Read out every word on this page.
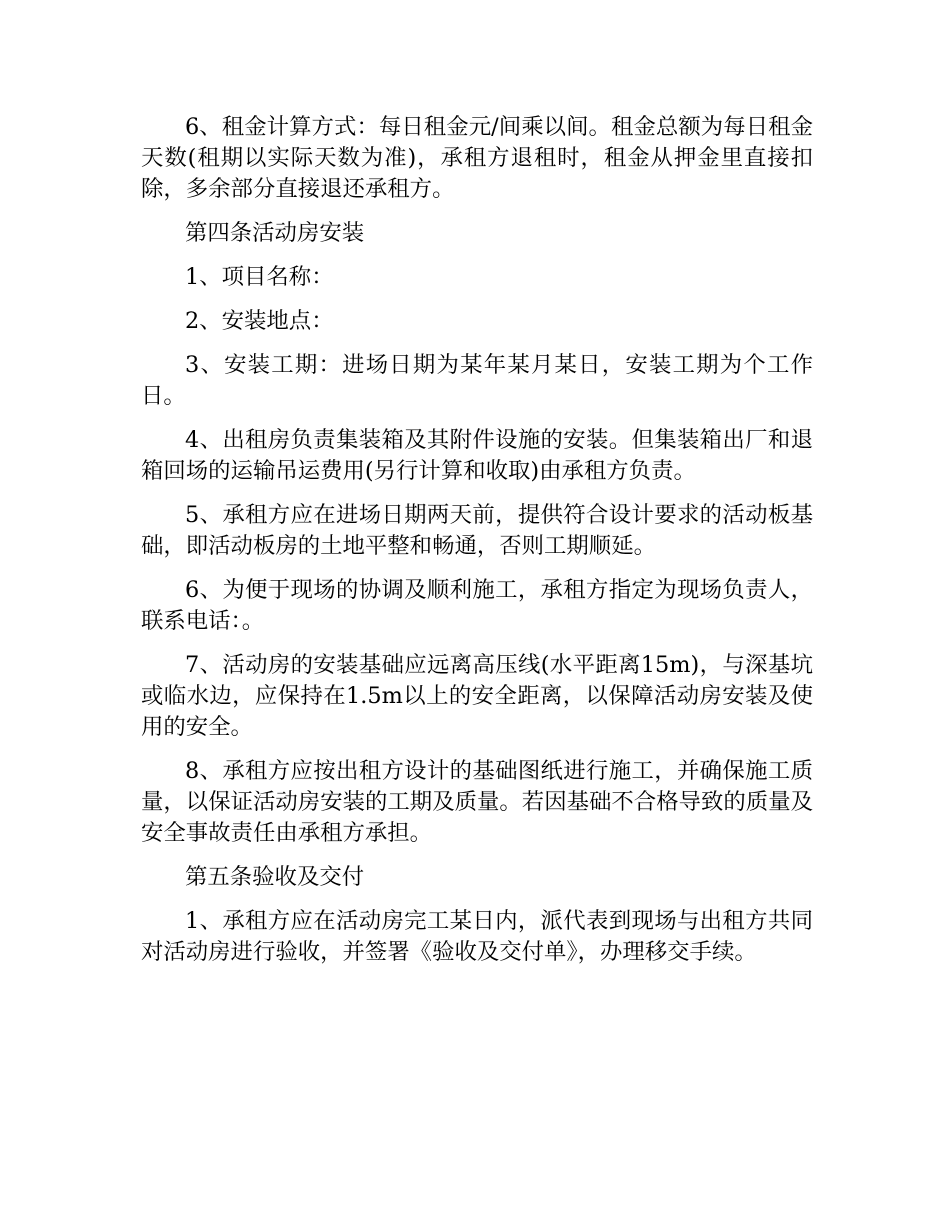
6、租金计算方式：每日租金元/间乘以间。租金总额为每日租金天数(租期以实际天数为准)，承租方退租时，租金从押金里直接扣除，多余部分直接退还承租方。

第四条活动房安装

1、项目名称：

2、安装地点：

3、安装工期：进场日期为某年某月某日，安装工期为个工作日。

4、出租房负责集装箱及其附件设施的安装。但集装箱出厂和退箱回场的运输吊运费用(另行计算和收取)由承租方负责。

5、承租方应在进场日期两天前，提供符合设计要求的活动板基础，即活动板房的土地平整和畅通，否则工期顺延。

6、为便于现场的协调及顺利施工，承租方指定为现场负责人，联系电话：。

7、活动房的安装基础应远离高压线(水平距离15m)，与深基坑或临水边，应保持在1.5m以上的安全距离，以保障活动房安装及使用的安全。

8、承租方应按出租方设计的基础图纸进行施工，并确保施工质量，以保证活动房安装的工期及质量。若因基础不合格导致的质量及安全事故责任由承租方承担。

第五条验收及交付

1、承租方应在活动房完工某日内，派代表到现场与出租方共同对活动房进行验收，并签署《验收及交付单》，办理移交手续。
